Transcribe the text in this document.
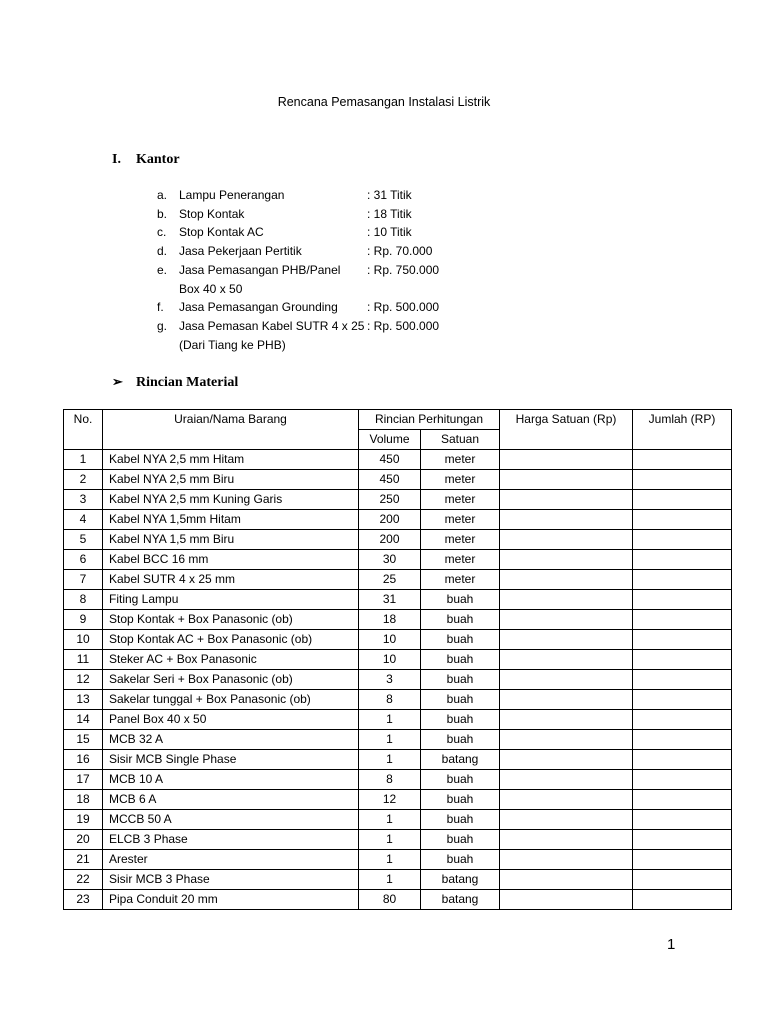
Rencana Pemasangan Instalasi Listrik
I. Kantor
a. Lampu Penerangan	: 31 Titik
b. Stop Kontak	: 18 Titik
c.	Stop Kontak AC	: 10 Titik
d. Jasa Pekerjaan Pertitik	: Rp. 70.000
e. Jasa Pemasangan PHB/Panel	: Rp. 750.000
Box 40 x 50
f.	Jasa Pemasangan Grounding	: Rp. 500.000
g. Jasa Pemasan Kabel SUTR 4 x 25 : Rp. 500.000
(Dari Tiang ke PHB)
➢ Rincian Material
No.	Uraian/Nama Barang	Rincian Perhitungan		Harga Satuan (Rp)	Jumlah (RP)
		Volume	Satuan		
1	Kabel NYA 2,5 mm Hitam	450	meter		
2	Kabel NYA 2,5 mm Biru	450	meter		
3	Kabel NYA 2,5 mm Kuning Garis	250	meter		
4	Kabel NYA 1,5mm Hitam	200	meter		
5	Kabel NYA 1,5 mm Biru	200	meter		
6	Kabel BCC 16 mm	30	meter		
7	Kabel SUTR 4 x 25 mm	25	meter		
8	Fiting Lampu	31	buah		
9	Stop Kontak + Box Panasonic (ob)	18	buah		
10	Stop Kontak AC + Box Panasonic (ob)	10	buah		
11	Steker AC + Box Panasonic	10	buah		
12	Sakelar Seri + Box Panasonic (ob)	3	buah		
13	Sakelar tunggal + Box Panasonic (ob)	8	buah		
14	Panel Box 40 x 50	1	buah		
15	MCB 32 A	1	buah		
16	Sisir MCB Single Phase	1	batang		
17	MCB 10 A	8	buah		
18	MCB 6 A	12	buah		
19	MCCB 50 A	1	buah		
20	ELCB 3 Phase	1	buah		
21	Arester	1	buah		
22	Sisir MCB 3 Phase	1	batang		
23	Pipa Conduit 20 mm	80	batang		
1
